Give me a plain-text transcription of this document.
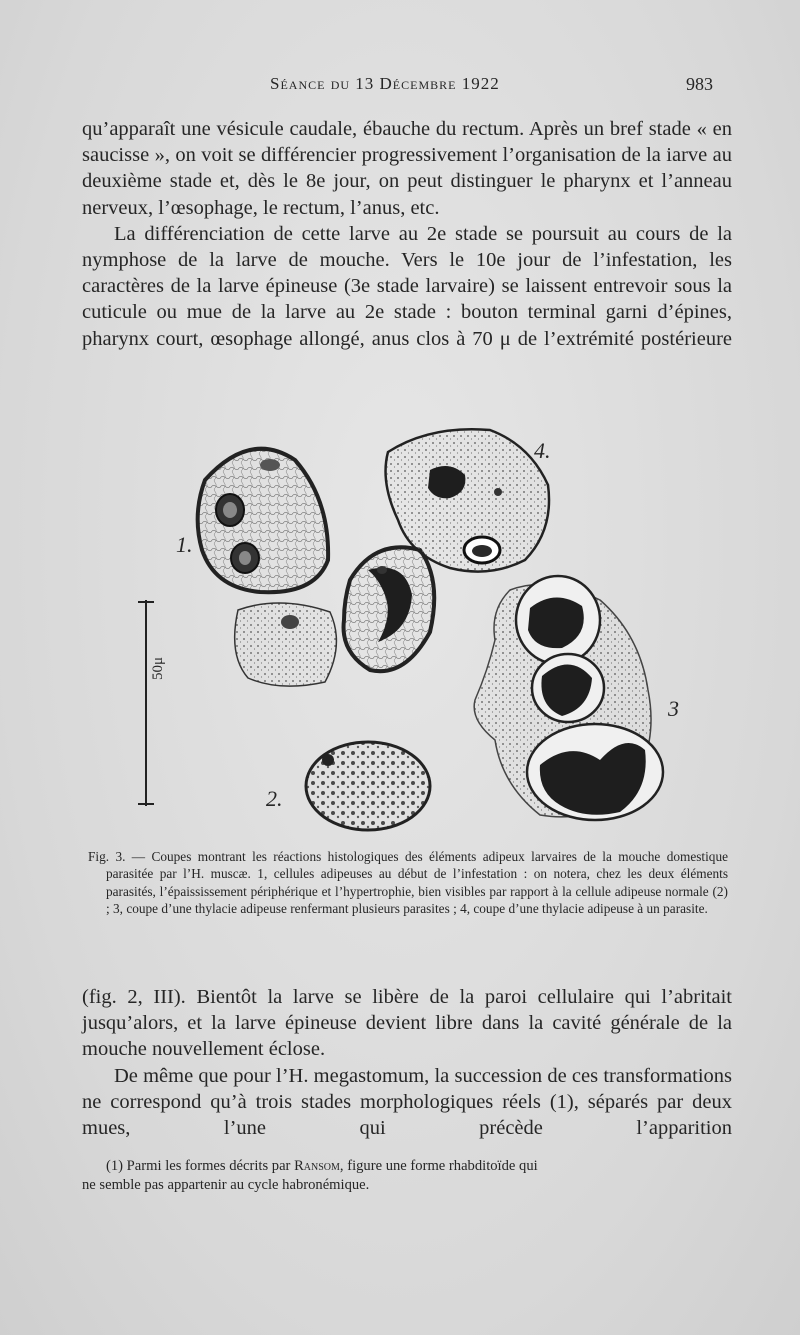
Séance du 13 Décembre 1922	983

qu’apparaît une vésicule caudale, ébauche du rectum. Après un bref stade « en saucisse », on voit se différencier progressivement l’organisation de la iarve au deuxième stade et, dès le 8e jour, on peut distinguer le pharynx et l’anneau nerveux, l’œsophage, le rectum, l’anus, etc.

La différenciation de cette larve au 2e stade se poursuit au cours de la nymphose de la larve de mouche. Vers le 10e jour de l’infestation, les caractères de la larve épineuse (3e stade larvaire) se laissent entrevoir sous la cuticule ou mue de la larve au 2e stade : bouton terminal garni d’épines, pharynx court, œsophage allongé, anus clos à 70 μ de l’extrémité postérieure

1.
2.
3
4.
50μ
Fig. 3. — Coupes montrant les réactions histologiques des éléments adipeux larvaires de la mouche domestique parasitée par l’H. muscæ. 1, cellules adipeuses au début de l’infestation : on notera, chez les deux éléments parasités, l’épaississement périphérique et l’hypertrophie, bien visibles par rapport à la cellule adipeuse normale (2) ; 3, coupe d’une thylacie adipeuse renfermant plusieurs parasites ; 4, coupe d’une thylacie adipeuse à un parasite.

(fig. 2, III). Bientôt la larve se libère de la paroi cellulaire qui l’abritait jusqu’alors, et la larve épineuse devient libre dans la cavité générale de la mouche nouvellement éclose.

De même que pour l’H. megastomum, la succession de ces transformations ne correspond qu’à trois stades morphologiques réels (1), séparés par deux mues, l’une qui précède l’apparition

(1) Parmi les formes décrits par Ransom, figure une forme rhabditoïde qui
ne semble pas appartenir au cycle habronémique.
